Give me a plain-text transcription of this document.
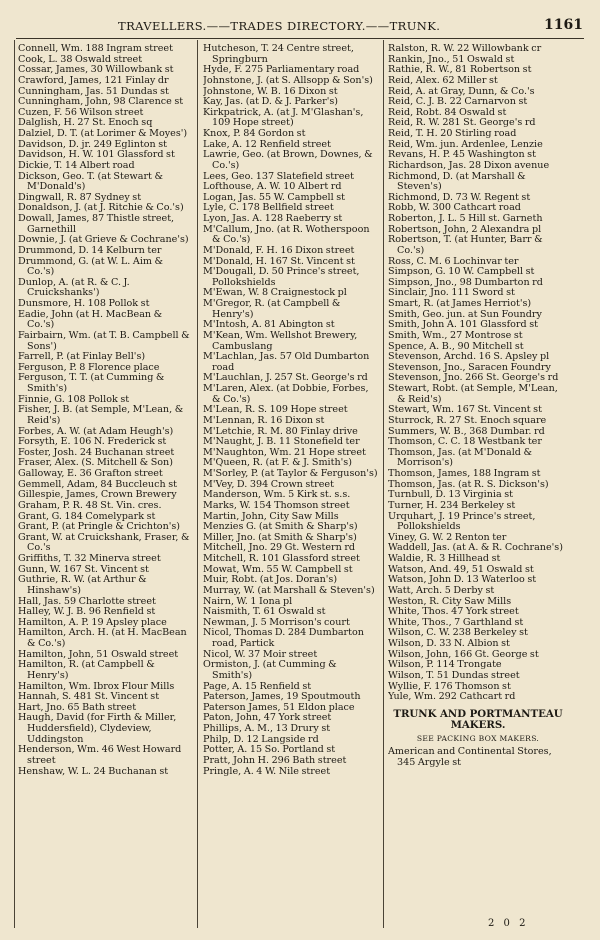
TRAVELLERS.——TRADES DIRECTORY.——TRUNK.	1161
Connell, Wm. 188 Ingram street
Cook, L. 38 Oswald street
Cossar, James, 30 Willowbank st
Crawford, James, 121 Finlay dr
Cunningham, Jas. 51 Dundas st
Cunningham, John, 98 Clarence st
Cuzen, F. 56 Wilson street
Dalglish, H. 27 St. Enoch sq
Dalziel, D. T. (at Lorimer & Moyes')
Davidson, D. jr. 249 Eglinton st
Davidson, H. W. 101 Glassford st
Dickie, T. 14 Albert road
Dickson, Geo. T. (at Stewart & M'Donald's)
Dingwall, R. 87 Sydney st
Donaldson, J. (at J. Ritchie & Co.'s)
Dowall, James, 87 Thistle street, Garnethill
Downie, J. (at Grieve & Cochrane's)
Drummond, D. 14 Kelburn ter
Drummond, G. (at W. L. Aim & Co.'s)
Dunlop, A. (at R. & C. J. Cruickshanks')
Dunsmore, H. 108 Pollok st
Eadie, John (at H. MacBean & Co.'s)
Fairbairn, Wm. (at T. B. Campbell & Sons')
Farrell, P. (at Finlay Bell's)
Ferguson, P. 8 Florence place
Ferguson, T. T. (at Cumming & Smith's)
Finnie, G. 108 Pollok st
Fisher, J. B. (at Semple, M'Lean, & Reid's)
Forbes, A. W. (at Adam Heugh's)
Forsyth, E. 106 N. Frederick st
Foster, Josh. 24 Buchanan street
Fraser, Alex. (S. Mitchell & Son)
Galloway, E. 36 Grafton street
Gemmell, Adam, 84 Buccleuch st
Gillespie, James, Crown Brewery
Graham, P. R. 48 St. Vin. cres.
Grant, G. 184 Comelypark st
Grant, P. (at Pringle & Crichton's)
Grant, W. at Cruickshank, Fraser, & Co.'s
Griffiths, T. 32 Minerva street
Gunn, W. 167 St. Vincent st
Guthrie, R. W. (at Arthur & Hinshaw's)
Hall, Jas. 59 Charlotte street
Halley, W. J. B. 96 Renfield st
Hamilton, A. P. 19 Apsley place
Hamilton, Arch. H. (at H. MacBean & Co.'s)
Hamilton, John, 51 Oswald street
Hamilton, R. (at Campbell & Henry's)
Hamilton, Wm. Ibrox Flour Mills
Hannah, S. 481 St. Vincent st
Hart, Jno. 65 Bath street
Haugh, David (for Firth & Miller, Huddersfield), Clydeview, Uddingston
Henderson, Wm. 46 West Howard street
Henshaw, W. L. 24 Buchanan st
Hutcheson, T. 24 Centre street, Springburn
Hyde, F. 275 Parliamentary road
Johnstone, J. (at S. Allsopp & Son's)
Johnstone, W. B. 16 Dixon st
Kay, Jas. (at D. & J. Parker's)
Kirkpatrick, A. (at J. M'Glashan's, 109 Hope street)
Knox, P. 84 Gordon st
Lake, A. 12 Renfield street
Lawrie, Geo. (at Brown, Downes, & Co.'s)
Lees, Geo. 137 Slatefield street
Lofthouse, A. W. 10 Albert rd
Logan, Jas. 55 W. Campbell st
Lyle, C. 178 Bellfield street
Lyon, Jas. A. 128 Raeberry st
M'Callum, Jno. (at R. Wotherspoon & Co.'s)
M'Donald, F. H. 16 Dixon street
M'Donald, H. 167 St. Vincent st
M'Dougall, D. 50 Prince's street, Pollokshields
M'Ewan, W. 8 Craignestock pl
M'Gregor, R. (at Campbell & Henry's)
M'Intosh, A. 81 Abington st
M'Kean, Wm. Wellshot Brewery, Cambuslang
M'Lachlan, Jas. 57 Old Dumbarton road
M'Lauchlan, J. 257 St. George's rd
M'Laren, Alex. (at Dobbie, Forbes, & Co.'s)
M'Lean, R. S. 109 Hope street
M'Lennan, R. 16 Dixon st
M'Letchie, R. M. 80 Finlay drive
M'Naught, J. B. 11 Stonefield ter
M'Naughton, Wm. 21 Hope street
M'Queen, R. (at F. & J. Smith's)
M'Sorley, P. (at Taylor & Ferguson's)
M'Vey, D. 394 Crown street
Manderson, Wm. 5 Kirk st. s.s.
Marks, W. 154 Thomson street
Martin, John, City Saw Mills
Menzies G. (at Smith & Sharp's)
Miller, Jno. (at Smith & Sharp's)
Mitchell, Jno. 29 Gt. Western rd
Mitchell, R. 101 Glassford street
Mowat, Wm. 55 W. Campbell st
Muir, Robt. (at Jos. Doran's)
Murray, W. (at Marshall & Steven's)
Nairn, W. 1 Iona pl
Naismith, T. 61 Oswald st
Newman, J. 5 Morrison's court
Nicol, Thomas D. 284 Dumbarton road, Partick
Nicol, W. 37 Moir street
Ormiston, J. (at Cumming & Smith's)
Page, A. 15 Renfield st
Paterson, James, 19 Spoutmouth
Paterson James, 51 Eldon place
Paton, John, 47 York street
Phillips, A. M., 13 Drury st
Philp, D. 12 Langside rd
Potter, A. 15 So. Portland st
Pratt, John H. 296 Bath street
Pringle, A. 4 W. Nile street
Ralston, R. W. 22 Willowbank cr
Rankin, Jno., 51 Oswald st
Rathie, R. W., 81 Robertson st
Reid, Alex. 62 Miller st
Reid, A. at Gray, Dunn, & Co.'s
Reid, C. J. B. 22 Carnarvon st
Reid, Robt. 84 Oswald st
Reid, R. W. 281 St. George's rd
Reid, T. H. 20 Stirling road
Reid, Wm. jun. Ardenlee, Lenzie
Revans, H. P. 45 Washington st
Richardson, Jas. 28 Dixon avenue
Richmond, D. (at Marshall & Steven's)
Richmond, D. 73 W. Regent st
Robb, W. 300 Cathcart road
Roberton, J. L. 5 Hill st. Garneth
Robertson, John, 2 Alexandra pl
Robertson, T. (at Hunter, Barr & Co.'s)
Ross, C. M. 6 Lochinvar ter
Simpson, G. 10 W. Campbell st
Simpson, Jno., 98 Dumbarton rd
Sinclair, Jno. 111 Sword st
Smart, R. (at James Herriot's)
Smith, Geo. jun. at Sun Foundry
Smith, John A. 101 Glassford st
Smith, Wm., 27 Montrose st
Spence, A. B., 90 Mitchell st
Stevenson, Archd. 16 S. Apsley pl
Stevenson, Jno., Saracen Foundry
Stevenson, Jno. 266 St. George's rd
Stewart, Robt. (at Semple, M'Lean, & Reid's)
Stewart, Wm. 167 St. Vincent st
Sturrock, R. 27 St. Enoch square
Summers, W. B., 368 Dumbar. rd
Thomson, C. C. 18 Westbank ter
Thomson, Jas. (at M'Donald & Morrison's)
Thomson, James, 188 Ingram st
Thomson, Jas. (at R. S. Dickson's)
Turnbull, D. 13 Virginia st
Turner, H. 234 Berkeley st
Urquhart, J. 19 Prince's street, Pollokshields
Viney, G. W. 2 Renton ter
Waddell, Jas. (at A. & R. Cochrane's)
Waldie, R. 3 Hillhead st
Watson, And. 49, 51 Oswald st
Watson, John D. 13 Waterloo st
Watt, Arch. 5 Derby st
Weston, R. City Saw Mills
White, Thos. 47 York street
White, Thos., 7 Garthland st
Wilson, C. W. 238 Berkeley st
Wilson, D. 33 N. Albion st
Wilson, John, 166 Gt. George st
Wilson, P. 114 Trongate
Wilson, T. 51 Dundas street
Wyllie, F. 176 Thomson st
Yule, Wm. 292 Cathcart rd
TRUNK AND PORTMANTEAU MAKERS.
SEE PACKING BOX MAKERS.
American and Continental Stores, 345 Argyle st
2 0 2
